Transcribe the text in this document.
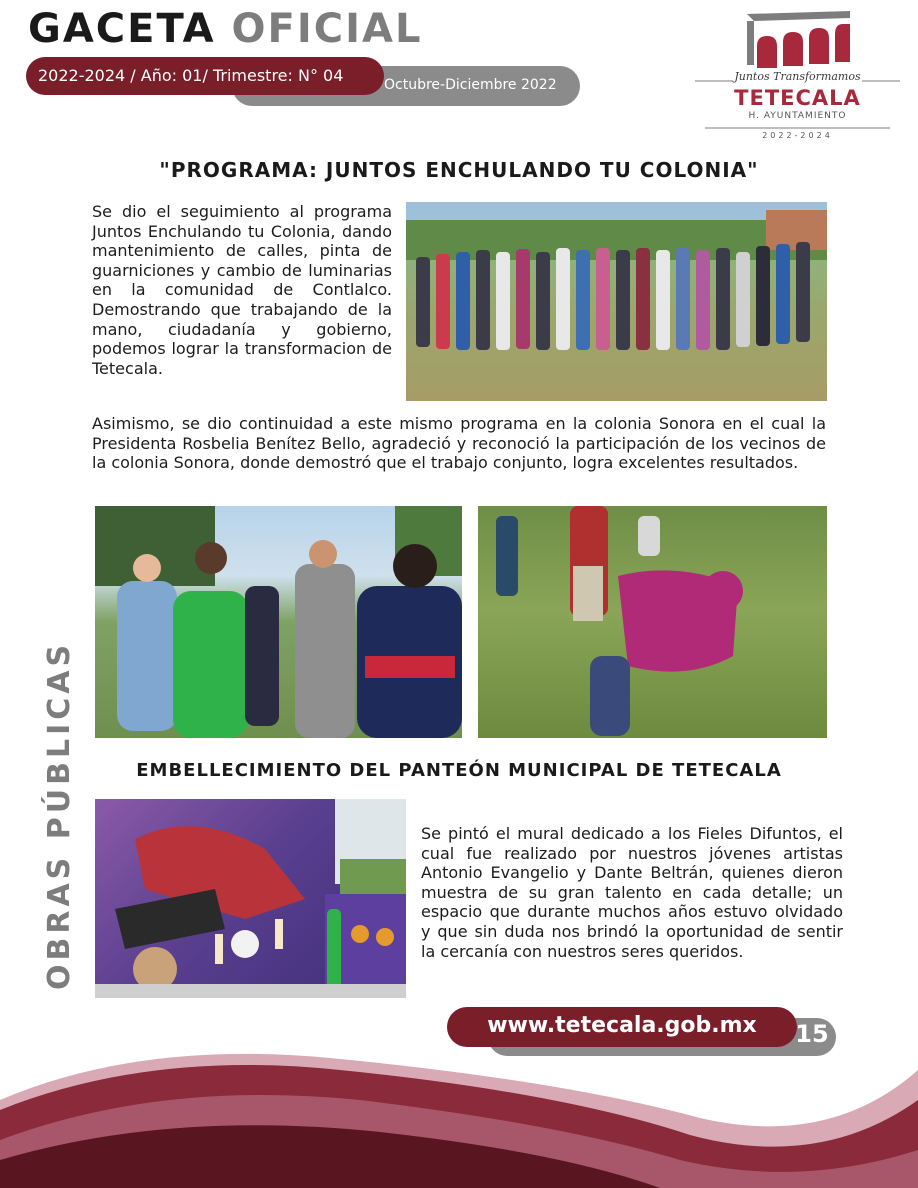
GACETA OFICIAL
Octubre-Diciembre 2022
2022-2024 / Año: 01/ Trimestre: N° 04	Juntos Transformamos
TETECALA
H. AYUNTAMIENTO
2022-2024
"PROGRAMA: JUNTOS ENCHULANDO TU COLONIA"
Se dio el seguimiento al programa Juntos Enchulando tu Colonia, dando mantenimiento de calles, pinta de guarniciones y cambio de luminarias en la comunidad de Contlalco. Demostrando que trabajando de la mano, ciudadanía y gobierno, podemos lograr la transformacion de Tetecala.
Asimismo, se dio continuidad a este mismo programa en la colonia Sonora en el cual la Presidenta Rosbelia Benítez Bello, agradeció y reconoció la participación de los vecinos de la colonia Sonora, donde demostró que el trabajo conjunto, logra excelentes resultados.
EMBELLECIMIENTO DEL PANTEÓN MUNICIPAL DE TETECALA
Se pintó el mural dedicado a los Fieles Difuntos, el cual fue realizado por nuestros jóvenes artistas Antonio Evangelio y Dante Beltrán, quienes dieron muestra de su gran talento en cada detalle; un espacio que durante muchos años estuvo olvidado y que sin duda nos brindó la oportunidad de sentir la cercanía con nuestros seres queridos.
OBRAS PÚBLICAS
www.tetecala.gob.mx	15
